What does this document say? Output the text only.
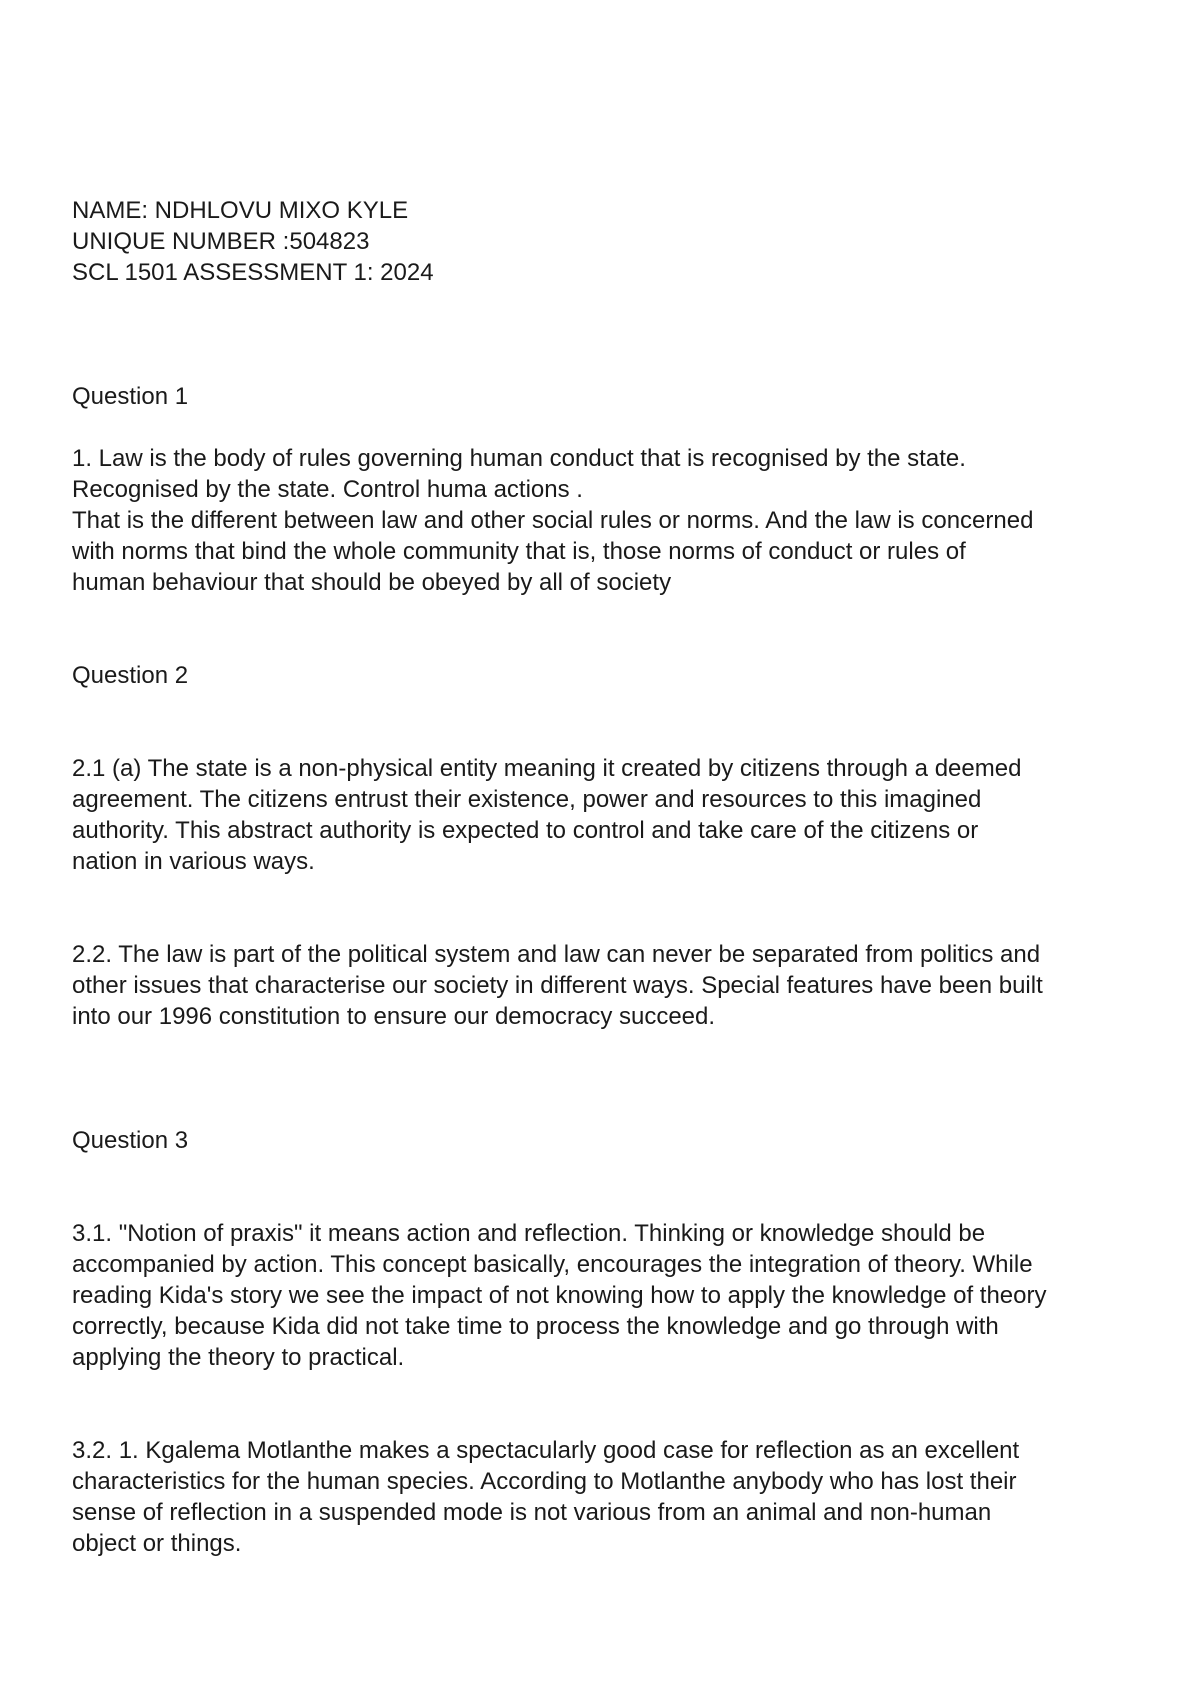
NAME: NDHLOVU MIXO KYLE
UNIQUE NUMBER :504823
SCL 1501 ASSESSMENT 1: 2024
Question 1
1. Law is the body of rules governing human conduct that is recognised by the state.
Recognised by the state. Control huma actions .
That is the different between law and other social rules or norms. And the law is concerned
with norms that bind the whole community that is, those norms of conduct or rules of
human behaviour that should be obeyed by all of society
Question 2
2.1 (a) The state is a non-physical entity meaning it created by citizens through a deemed
agreement. The citizens entrust their existence, power and resources to this imagined
authority. This abstract authority is expected to control and take care of the citizens or
nation in various ways.
2.2. The law is part of the political system and law can never be separated from politics and
other issues that characterise our society in different ways. Special features have been built
into our 1996 constitution to ensure our democracy succeed.
Question 3
3.1. "Notion of praxis" it means action and reflection. Thinking or knowledge should be
accompanied by action. This concept basically, encourages the integration of theory. While
reading Kida's story we see the impact of not knowing how to apply the knowledge of theory
correctly, because Kida did not take time to process the knowledge and go through with
applying the theory to practical.
3.2. 1. Kgalema Motlanthe makes a spectacularly good case for reflection as an excellent
characteristics for the human species. According to Motlanthe anybody who has lost their
sense of reflection in a suspended mode is not various from an animal and non-human
object or things.
